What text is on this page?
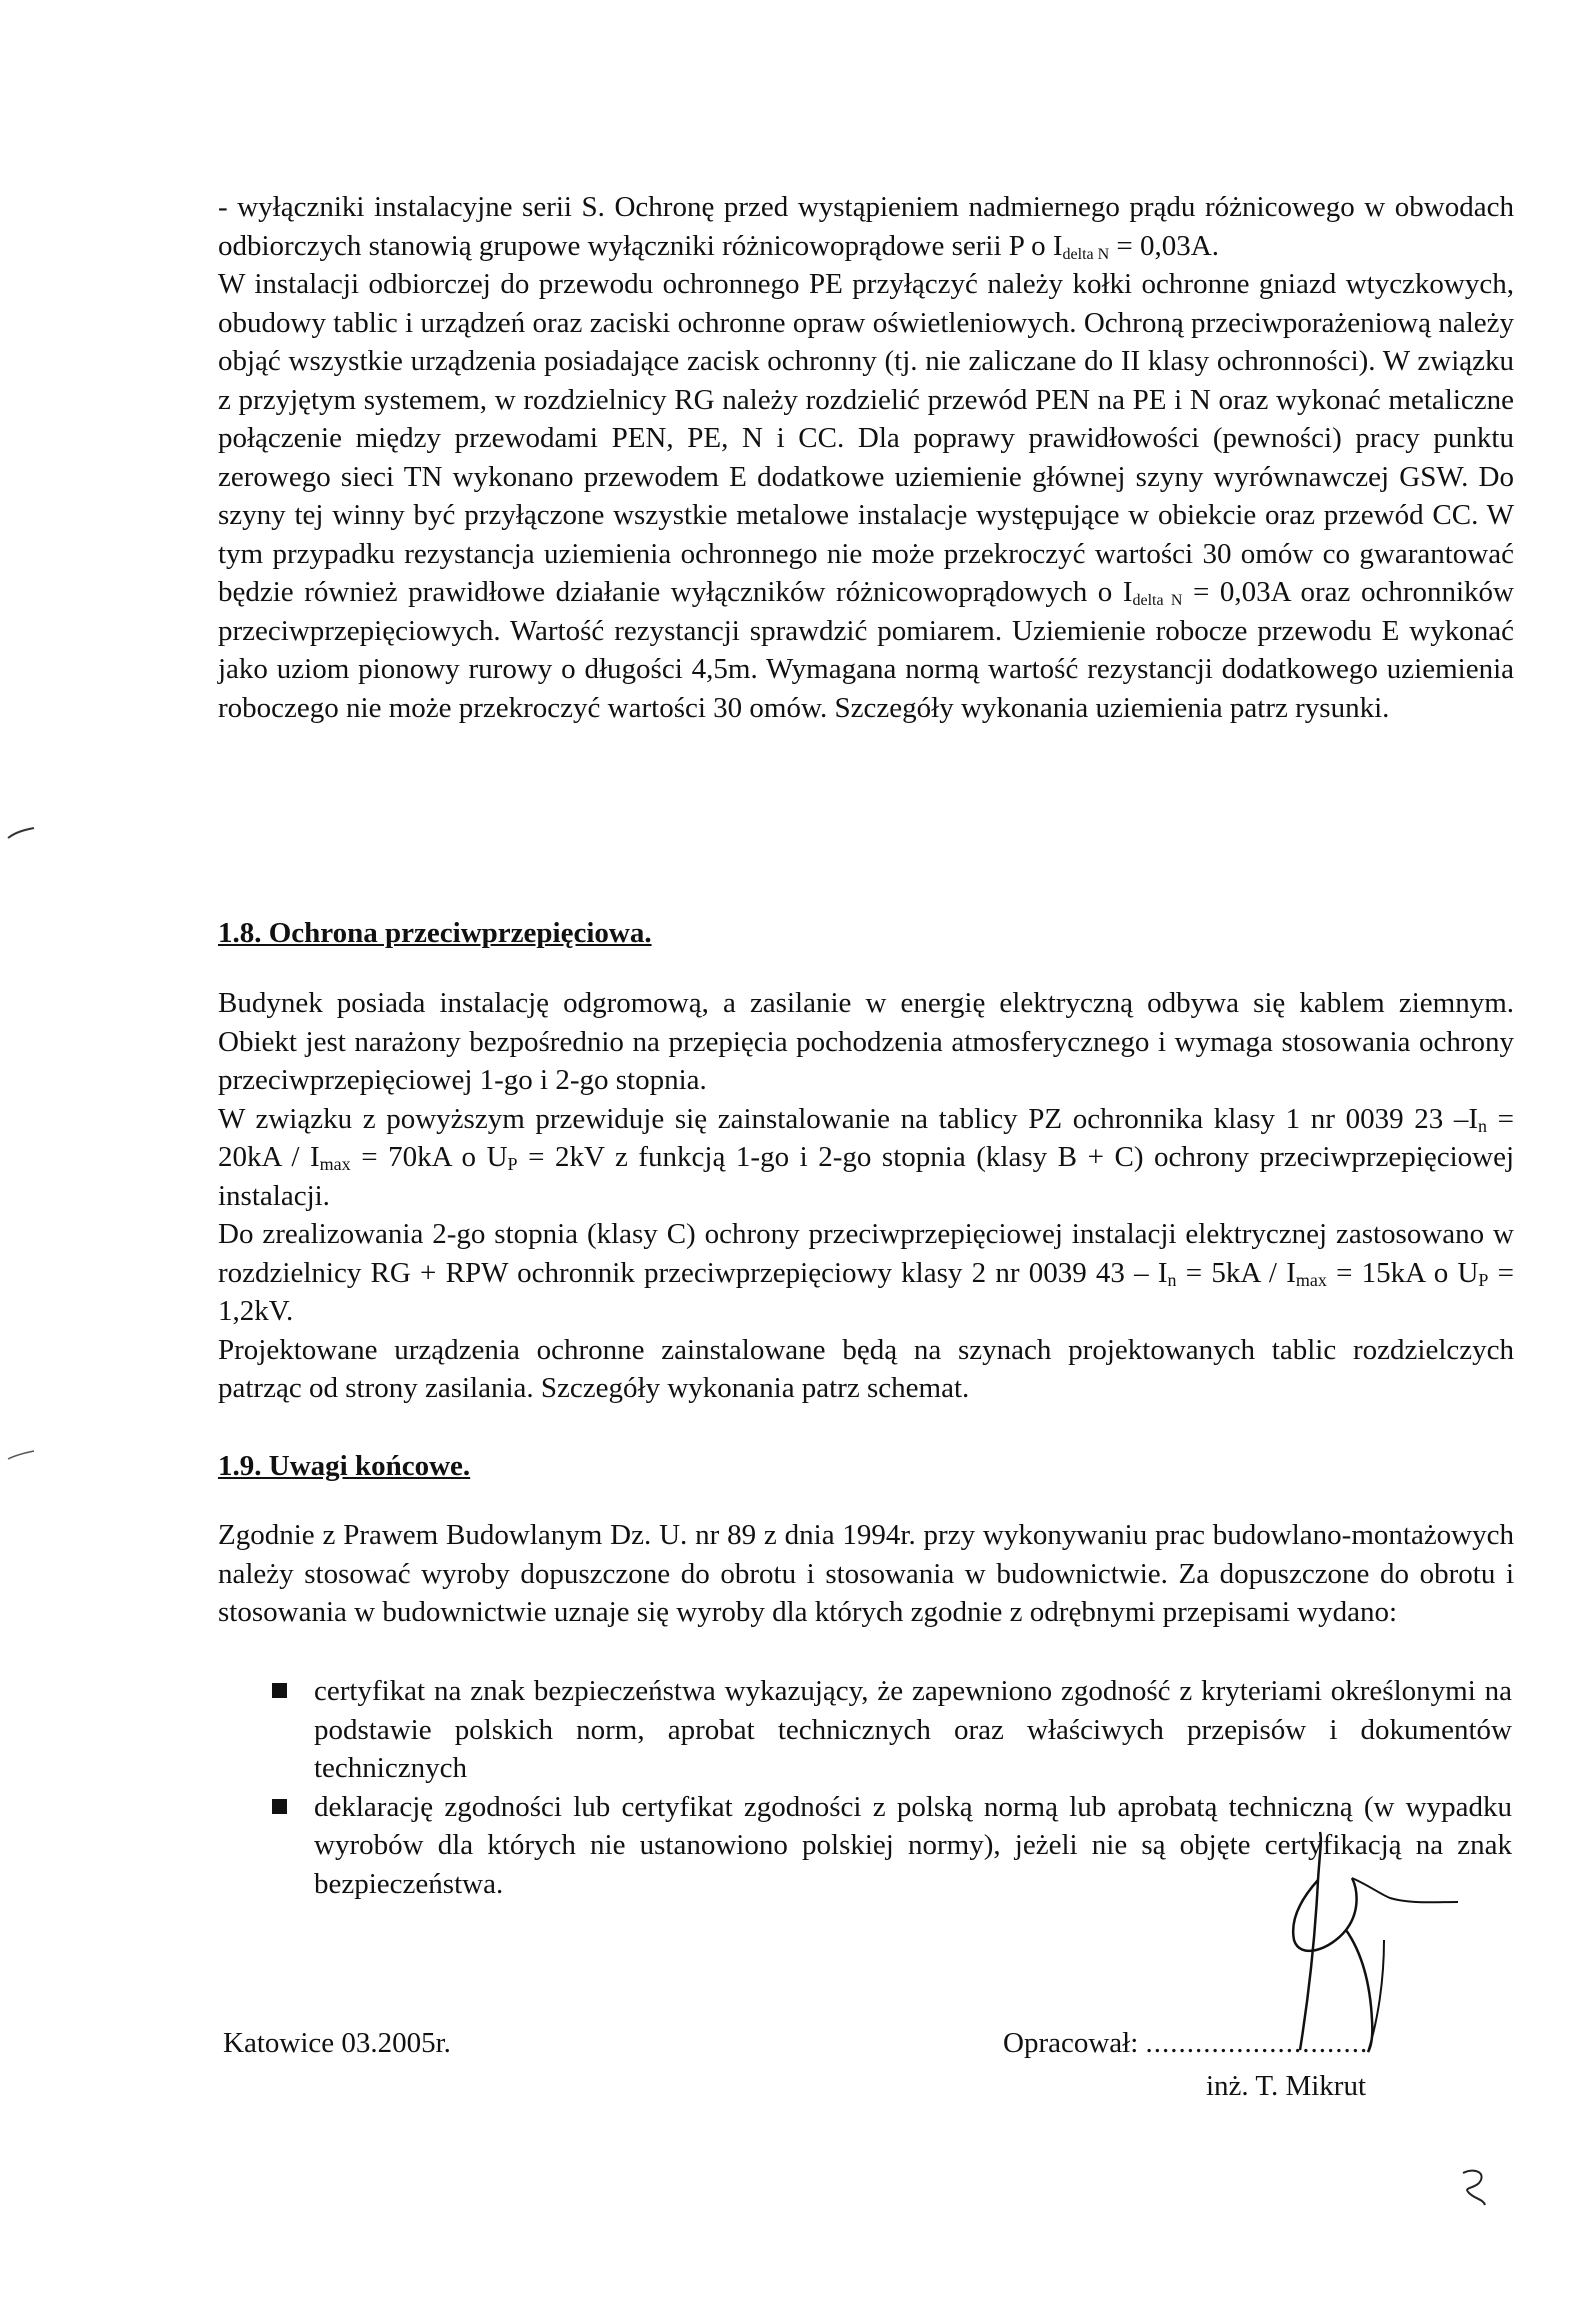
- wyłączniki instalacyjne serii S. Ochronę przed wystąpieniem nadmiernego prądu różnicowego w obwodach odbiorczych stanowią grupowe wyłączniki różnicowoprądowe serii P o Idelta N = 0,03A.

W instalacji odbiorczej do przewodu ochronnego PE przyłączyć należy kołki ochronne gniazd wtyczkowych, obudowy tablic i urządzeń oraz zaciski ochronne opraw oświetleniowych. Ochroną przeciwporażeniową należy objąć wszystkie urządzenia posiadające zacisk ochronny (tj. nie zaliczane do II klasy ochronności). W związku z przyjętym systemem, w rozdzielnicy RG należy rozdzielić przewód PEN na PE i N oraz wykonać metaliczne połączenie między przewodami PEN, PE, N i CC. Dla poprawy prawidłowości (pewności) pracy punktu zerowego sieci TN wykonano przewodem E dodatkowe uziemienie głównej szyny wyrównawczej GSW. Do szyny tej winny być przyłączone wszystkie metalowe instalacje występujące w obiekcie oraz przewód CC. W tym przypadku rezystancja uziemienia ochronnego nie może przekroczyć wartości 30 omów co gwarantować będzie również prawidłowe działanie wyłączników różnicowoprądowych o Idelta N = 0,03A oraz ochronników przeciwprzepięciowych. Wartość rezystancji sprawdzić pomiarem. Uziemienie robocze przewodu E wykonać jako uziom pionowy rurowy o długości 4,5m. Wymagana normą wartość rezystancji dodatkowego uziemienia roboczego nie może przekroczyć wartości 30 omów. Szczegóły wykonania uziemienia patrz rysunki.

1.8. Ochrona przeciwprzepięciowa.

Budynek posiada instalację odgromową, a zasilanie w energię elektryczną odbywa się kablem ziemnym. Obiekt jest narażony bezpośrednio na przepięcia pochodzenia atmosferycznego i wymaga stosowania ochrony przeciwprzepięciowej 1-go i 2-go stopnia.

W związku z powyższym przewiduje się zainstalowanie na tablicy PZ ochronnika klasy 1 nr 0039 23 $-I_n = 20kA / I_{max} = 70kA$ o $U_P = 2kV$ z funkcją 1-go i 2-go stopnia (klasy B + C) ochrony przeciwprzepięciowej instalacji.

Do zrealizowania 2-go stopnia (klasy C) ochrony przeciwprzepięciowej instalacji elektrycznej zastosowano w rozdzielnicy RG + RPW ochronnik przeciwprzepięciowy klasy 2 nr 0039 $43 - I_n = 5kA / I_{max} = 15kA$ o $U_P = 1,2kV$.

Projektowane urządzenia ochronne zainstalowane będą na szynach projektowanych tablic rozdzielczych patrząc od strony zasilania. Szczegóły wykonania patrz schemat.

1.9. Uwagi końcowe.

Zgodnie z Prawem Budowlanym Dz. U. nr 89 z dnia 1994r. przy wykonywaniu prac budowlano-montażowych należy stosować wyroby dopuszczone do obrotu i stosowania w budownictwie. Za dopuszczone do obrotu i stosowania w budownictwie uznaje się wyroby dla których zgodnie z odrębnymi przepisami wydano:

certyfikat na znak bezpieczeństwa wykazujący, że zapewniono zgodność z kryteriami określonymi na podstawie polskich norm, aprobat technicznych oraz właściwych przepisów i dokumentów technicznych

deklarację zgodności lub certyfikat zgodności z polską normą lub aprobatą techniczną (w wypadku wyrobów dla których nie ustanowiono polskiej normy), jeżeli nie są objęte certyfikacją na znak bezpieczeństwa.

Katowice 03.2005r.	Opracował: ...........................
inż. T. Mikrut
